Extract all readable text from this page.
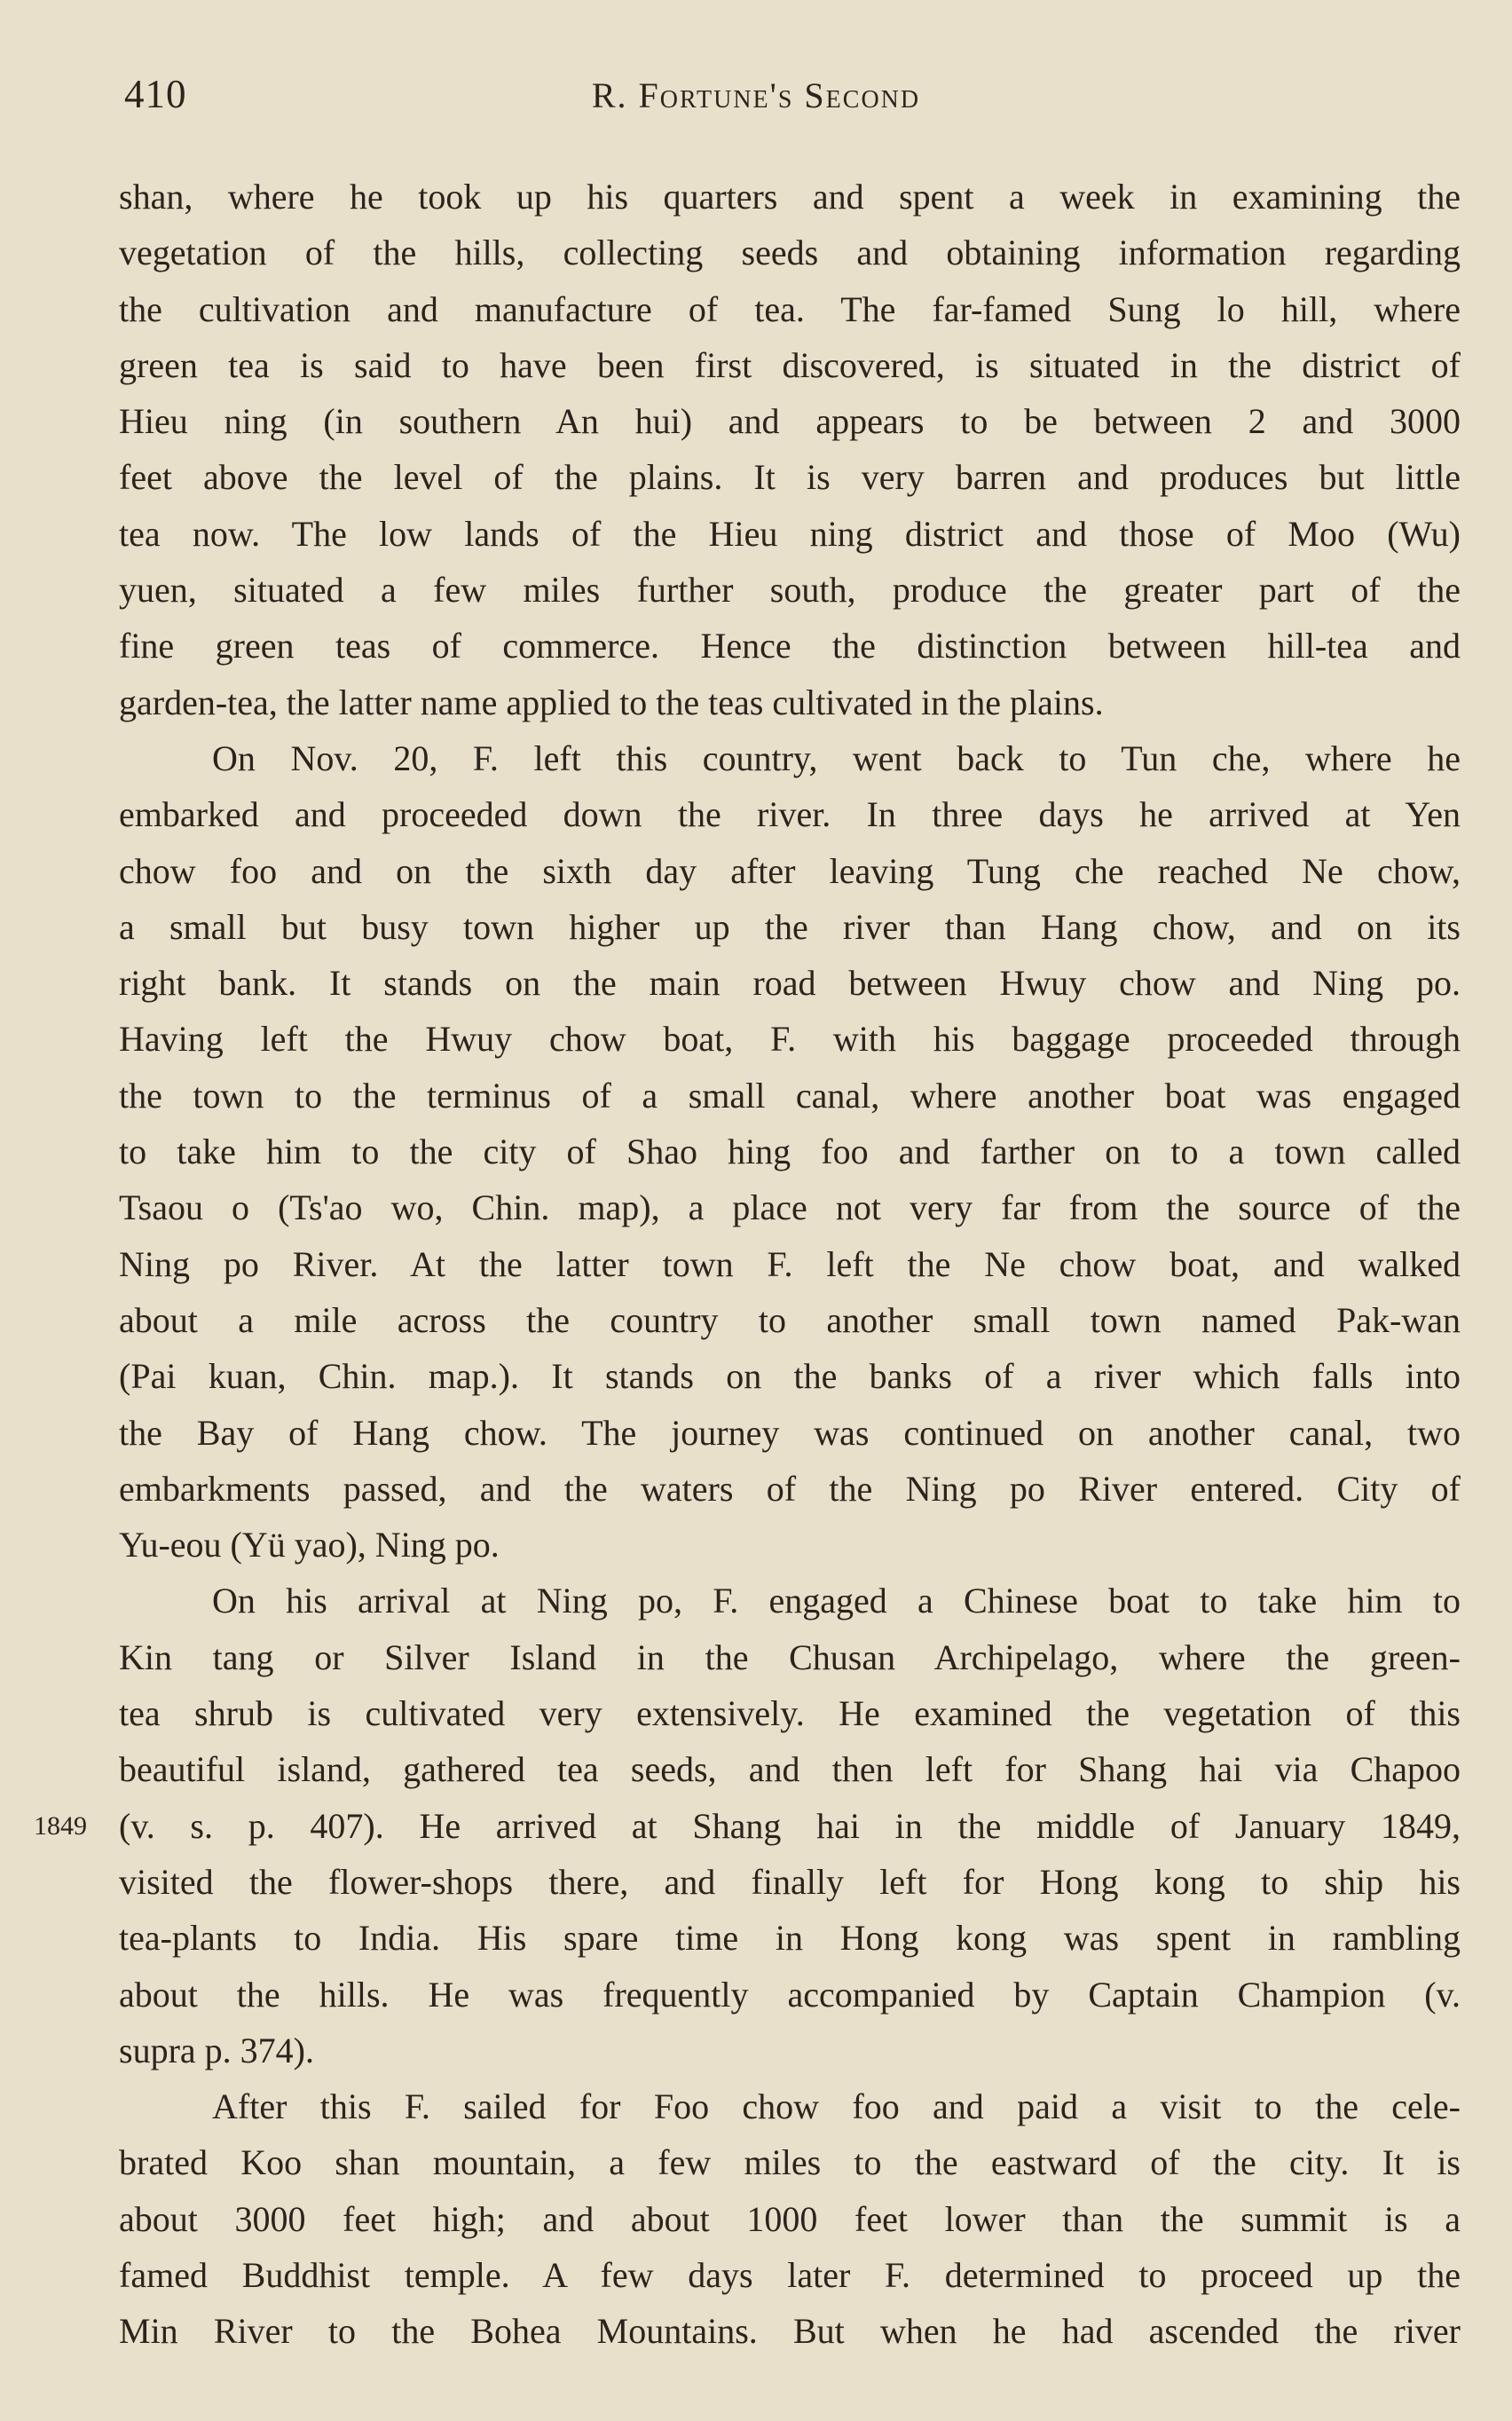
410	R. Fortune's Second
1849
shan, where he took up his quarters and spent a week in examining the
vegetation of the hills, collecting seeds and obtaining information regarding
the cultivation and manufacture of tea. The far-famed Sung lo hill, where
green tea is said to have been first discovered, is situated in the district of
Hieu ning (in southern An hui) and appears to be between 2 and 3000
feet above the level of the plains. It is very barren and produces but little
tea now. The low lands of the Hieu ning district and those of Moo (Wu)
yuen, situated a few miles further south, produce the greater part of the
fine green teas of commerce. Hence the distinction between hill-tea and
garden-tea, the latter name applied to the teas cultivated in the plains.
On Nov. 20, F. left this country, went back to Tun che, where he
embarked and proceeded down the river. In three days he arrived at Yen
chow foo and on the sixth day after leaving Tung che reached Ne chow,
a small but busy town higher up the river than Hang chow, and on its
right bank. It stands on the main road between Hwuy chow and Ning po.
Having left the Hwuy chow boat, F. with his baggage proceeded through
the town to the terminus of a small canal, where another boat was engaged
to take him to the city of Shao hing foo and farther on to a town called
Tsaou o (Ts'ao wo, Chin. map), a place not very far from the source of the
Ning po River. At the latter town F. left the Ne chow boat, and walked
about a mile across the country to another small town named Pak-wan
(Pai kuan, Chin. map.). It stands on the banks of a river which falls into
the Bay of Hang chow. The journey was continued on another canal, two
embarkments passed, and the waters of the Ning po River entered. City of
Yu-eou (Yü yao), Ning po.
On his arrival at Ning po, F. engaged a Chinese boat to take him to
Kin tang or Silver Island in the Chusan Archipelago, where the green-
tea shrub is cultivated very extensively. He examined the vegetation of this
beautiful island, gathered tea seeds, and then left for Shang hai via Chapoo
(v. s. p. 407). He arrived at Shang hai in the middle of January 1849,
visited the flower-shops there, and finally left for Hong kong to ship his
tea-plants to India. His spare time in Hong kong was spent in rambling
about the hills. He was frequently accompanied by Captain Champion (v.
supra p. 374).
After this F. sailed for Foo chow foo and paid a visit to the cele-
brated Koo shan mountain, a few miles to the eastward of the city. It is
about 3000 feet high; and about 1000 feet lower than the summit is a
famed Buddhist temple. A few days later F. determined to proceed up the
Min River to the Bohea Mountains. But when he had ascended the river
